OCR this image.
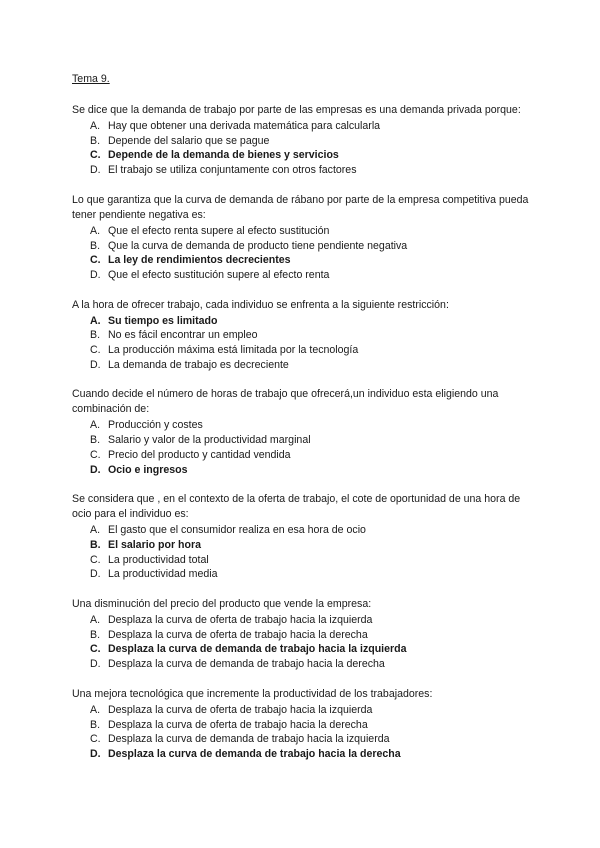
Tema 9.
Se dice que la demanda de trabajo por parte de las empresas es una demanda privada porque:
A. Hay que obtener una derivada matemática para calcularla
B. Depende del salario que se pague
C. Depende de la demanda de bienes y servicios
D. El trabajo se utiliza conjuntamente con otros factores
Lo que garantiza que la curva de demanda de rábano por parte de la empresa competitiva pueda tener pendiente negativa es:
A. Que el efecto renta supere al efecto sustitución
B. Que la curva de demanda de producto tiene pendiente negativa
C. La ley de rendimientos decrecientes
D. Que el efecto sustitución supere al efecto renta
A la hora de ofrecer trabajo, cada individuo se enfrenta a la siguiente restricción:
A. Su tiempo es limitado
B. No es fácil encontrar un empleo
C. La producción máxima está limitada por la tecnología
D. La demanda de trabajo es decreciente
Cuando decide el número de horas de trabajo que ofrecerá,un individuo esta eligiendo una combinación de:
A. Producción y costes
B. Salario y valor de la productividad marginal
C. Precio del producto y cantidad vendida
D. Ocio e ingresos
Se considera que , en el contexto de la oferta de trabajo, el cote de oportunidad de una hora de ocio para el individuo es:
A. El gasto que el consumidor realiza en esa hora de ocio
B. El salario por hora
C. La productividad total
D. La productividad media
Una disminución del precio del producto que vende la empresa:
A. Desplaza la curva de oferta de trabajo hacia la izquierda
B. Desplaza la curva de oferta de trabajo hacia la derecha
C. Desplaza la curva de demanda de trabajo hacia la izquierda
D. Desplaza la curva de demanda de trabajo hacia la derecha
Una mejora tecnológica que incremente la productividad de los trabajadores:
A. Desplaza la curva de oferta de trabajo hacia la izquierda
B. Desplaza la curva de oferta de trabajo hacia la derecha
C. Desplaza la curva de demanda de trabajo hacia la izquierda
D. Desplaza la curva de demanda de trabajo hacia la derecha
